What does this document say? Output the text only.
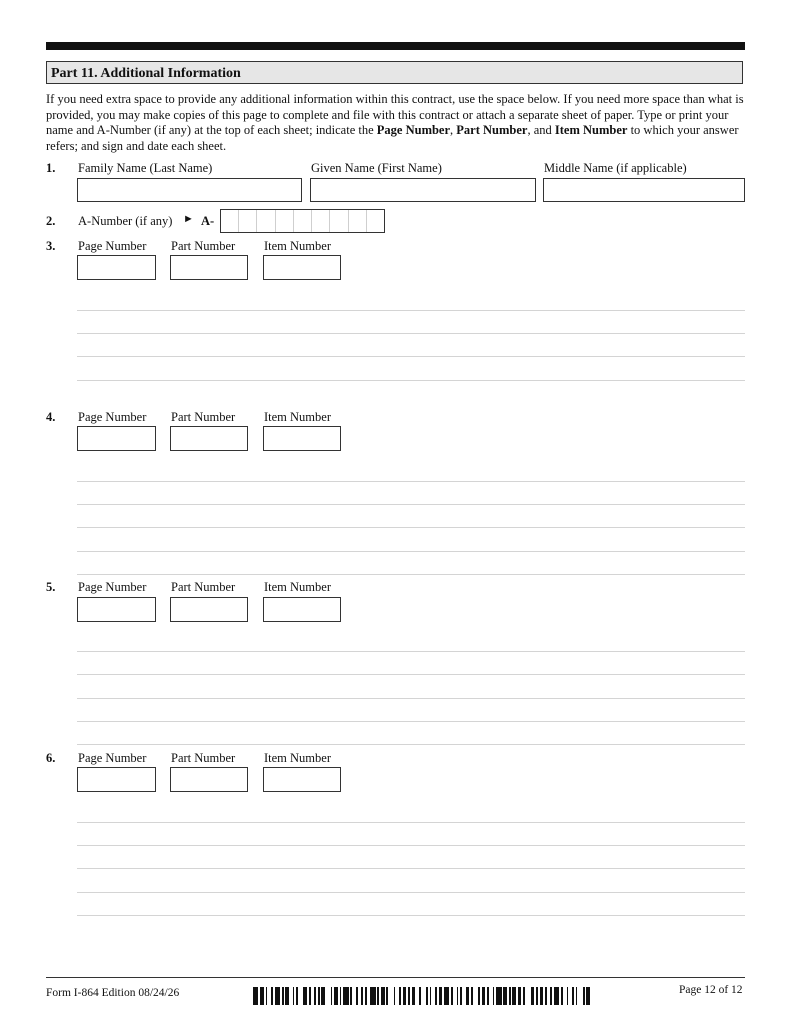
Part 11. Additional Information
If you need extra space to provide any additional information within this contract, use the space below. If you need more space than what is provided, you may make copies of this page to complete and file with this contract or attach a separate sheet of paper. Type or print your name and A-Number (if any) at the top of each sheet; indicate the Page Number, Part Number, and Item Number to which your answer refers; and sign and date each sheet.
1. Family Name (Last Name)	Given Name (First Name)	Middle Name (if applicable)
2. A-Number (if any) ► A-
3. Page Number Part Number Item Number
4. Page Number Part Number Item Number
5. Page Number Part Number Item Number
6. Page Number Part Number Item Number
Form I-864 Edition 08/24/26	Page 12 of 12
